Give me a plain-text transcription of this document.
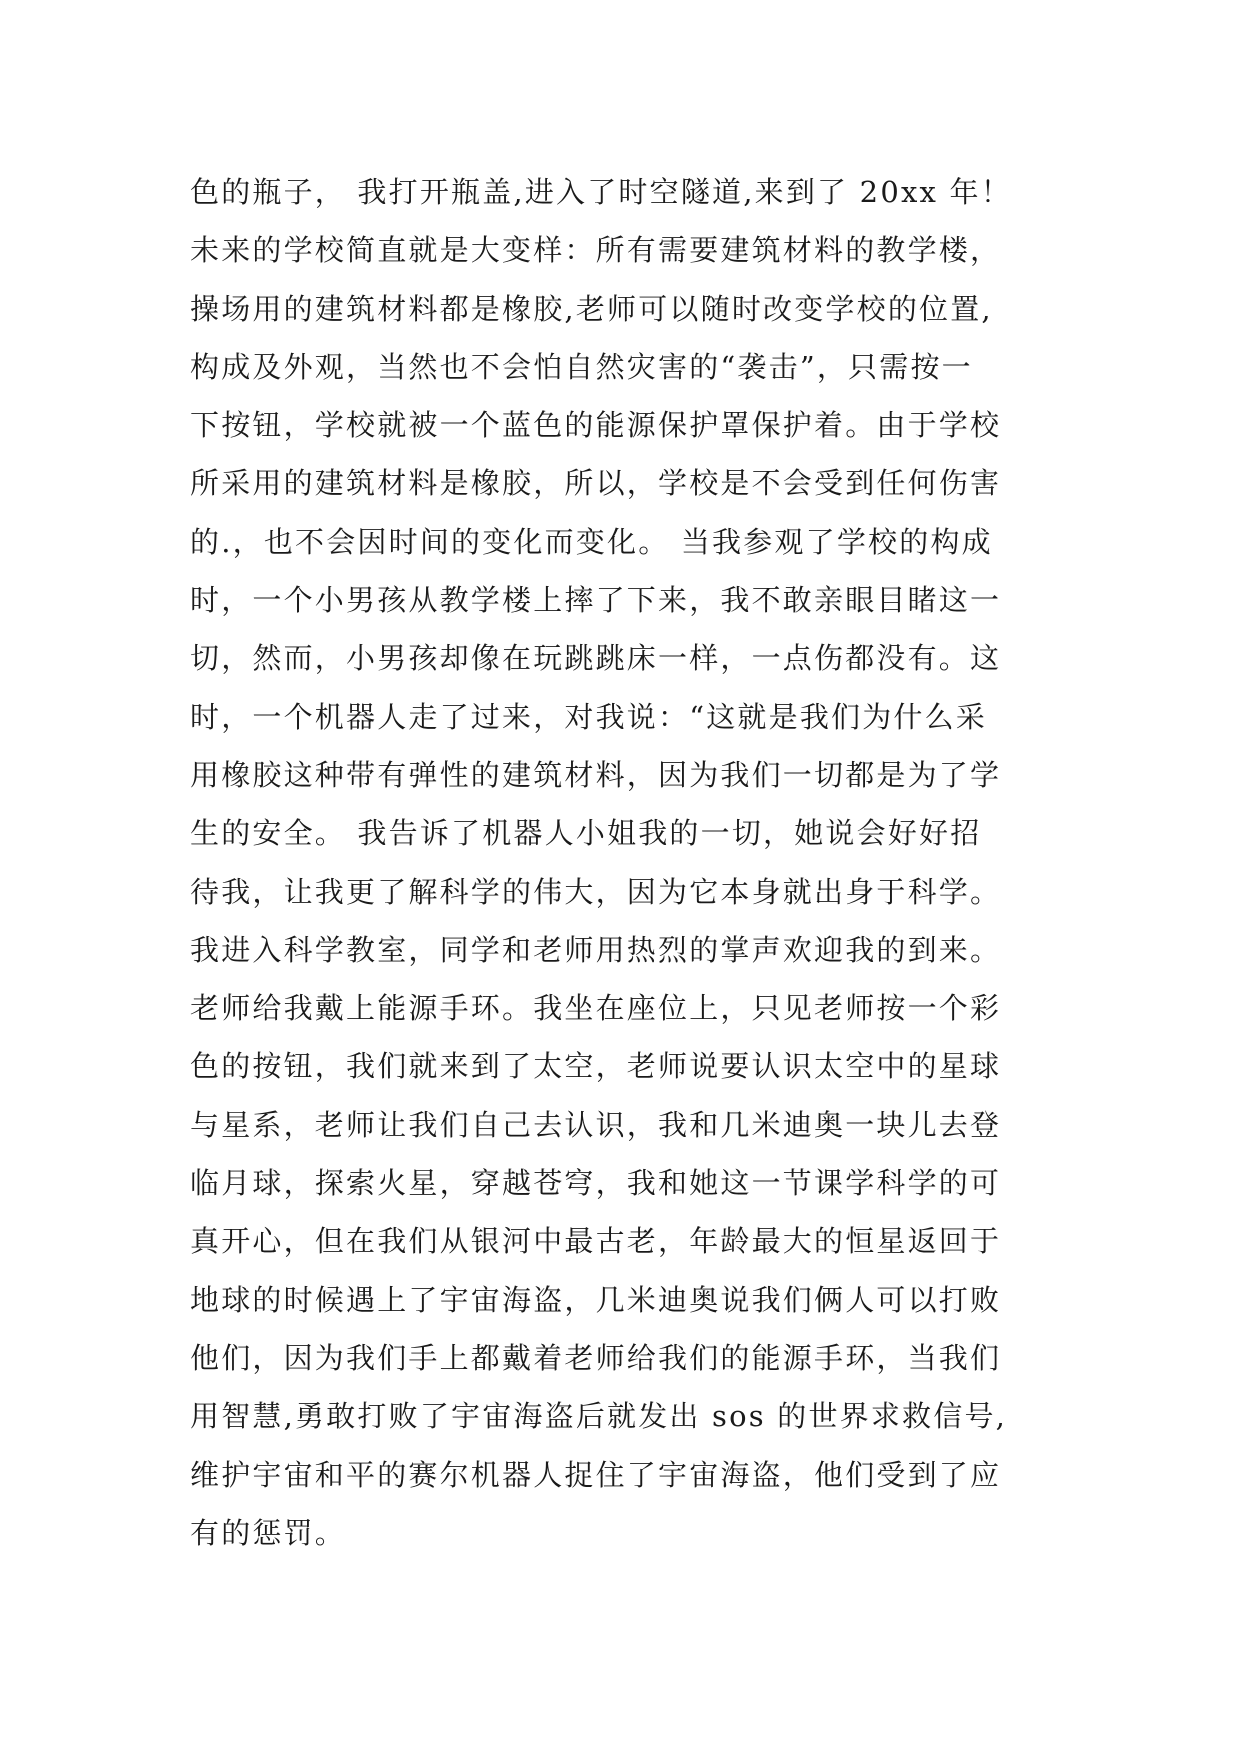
色的瓶子， 我打开瓶盖,进入了时空隧道,来到了 20xx 年！
未来的学校简直就是大变样：所有需要建筑材料的教学楼，
操场用的建筑材料都是橡胶,老师可以随时改变学校的位置,
构成及外观，当然也不会怕自然灾害的“袭击”，只需按一
下按钮，学校就被一个蓝色的能源保护罩保护着。由于学校
所采用的建筑材料是橡胶，所以，学校是不会受到任何伤害
的.，也不会因时间的变化而变化。 当我参观了学校的构成
时，一个小男孩从教学楼上摔了下来，我不敢亲眼目睹这一
切，然而，小男孩却像在玩跳跳床一样，一点伤都没有。这
时，一个机器人走了过来，对我说：“这就是我们为什么采
用橡胶这种带有弹性的建筑材料，因为我们一切都是为了学
生的安全。 我告诉了机器人小姐我的一切，她说会好好招
待我，让我更了解科学的伟大，因为它本身就出身于科学。
我进入科学教室，同学和老师用热烈的掌声欢迎我的到来。
老师给我戴上能源手环。我坐在座位上，只见老师按一个彩
色的按钮，我们就来到了太空，老师说要认识太空中的星球
与星系，老师让我们自己去认识，我和几米迪奥一块儿去登
临月球，探索火星，穿越苍穹，我和她这一节课学科学的可
真开心，但在我们从银河中最古老，年龄最大的恒星返回于
地球的时候遇上了宇宙海盗，几米迪奥说我们俩人可以打败
他们，因为我们手上都戴着老师给我们的能源手环，当我们
用智慧,勇敢打败了宇宙海盗后就发出 sos 的世界求救信号,
维护宇宙和平的赛尔机器人捉住了宇宙海盗，他们受到了应
有的惩罚。
